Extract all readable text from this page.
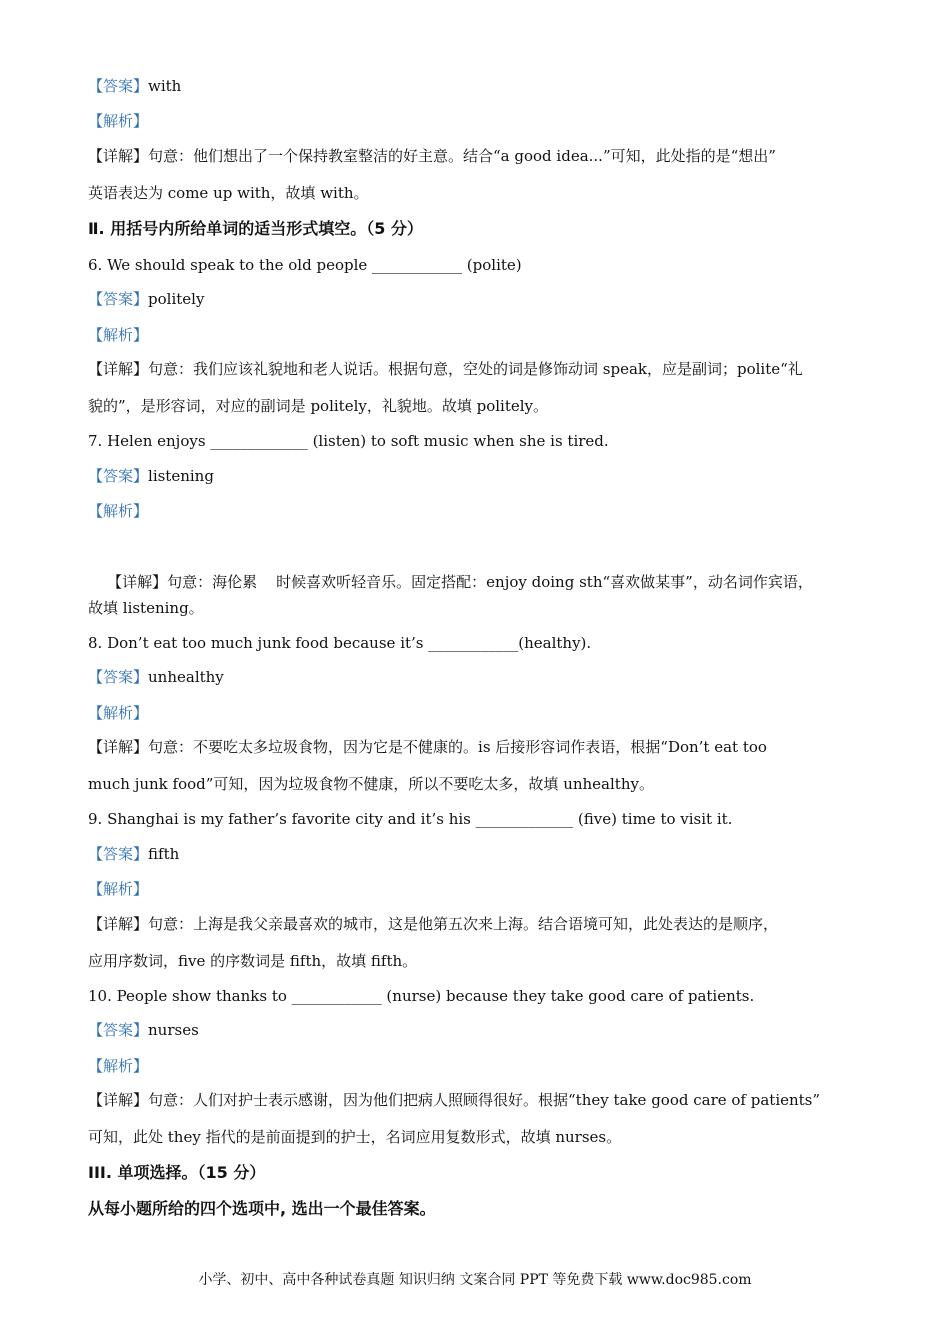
【答案】with
【解析】
【详解】句意：他们想出了一个保持教室整洁的好主意。结合“a good idea...”可知，此处指的是“想出”
英语表达为 come up with，故填 with。
Ⅱ. 用括号内所给单词的适当形式填空。（5 分）
6. We should speak to the old people ____________ (polite)
【答案】politely
【解析】
【详解】句意：我们应该礼貌地和老人说话。根据句意，空处的词是修饰动词 speak，应是副词；polite“礼
貌的”，是形容词，对应的副词是 politely，礼貌地。故填 politely。
7. Helen enjoys _____________ (listen) to soft music when she is tired.
【答案】listening
【解析】

【详解】句意：海伦累    时候喜欢听轻音乐。固定搭配：enjoy doing sth“喜欢做某事”，动名词作宾语，

故填 listening。
8. Don’t eat too much junk food because it’s ____________(healthy).
【答案】unhealthy
【解析】
【详解】句意：不要吃太多垃圾食物，因为它是不健康的。is 后接形容词作表语，根据“Don’t eat too
much junk food”可知，因为垃圾食物不健康，所以不要吃太多，故填 unhealthy。
9. Shanghai is my father’s favorite city and it’s his _____________ (five) time to visit it.
【答案】fifth
【解析】
【详解】句意：上海是我父亲最喜欢的城市，这是他第五次来上海。结合语境可知，此处表达的是顺序，
应用序数词，five 的序数词是 fifth，故填 fifth。
10. People show thanks to ____________ (nurse) because they take good care of patients.
【答案】nurses
【解析】
【详解】句意：人们对护士表示感谢，因为他们把病人照顾得很好。根据“they take good care of patients”
可知，此处 they 指代的是前面提到的护士，名词应用复数形式，故填 nurses。
III. 单项选择。（15 分）
从每小题所给的四个选项中, 选出一个最佳答案。
小学、初中、高中各种试卷真题 知识归纳 文案合同 PPT 等免费下载 www.doc985.com
